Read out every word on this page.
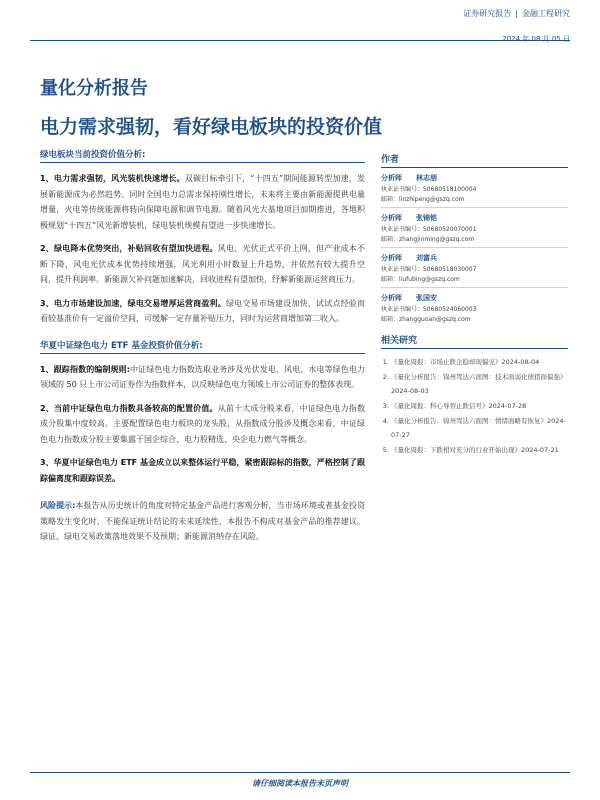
证券研究报告 | 金融工程研究
2024 年 08 月 05 日
量化分析报告
电力需求强韧，看好绿电板块的投资价值
绿电板块当前投资价值分析:
1、电力需求强韧，风光装机快速增长。双碳目标牵引下，“十四五”期间能源转型加速，发展新能源成为必然趋势。同时全国电力总需求保持刚性增长，未来将主要由新能源提供电量增量，火电等传统能源将转向保障电源和调节电源。随着风光大基地项目加期推进，各地积极规划“十四五”风光新增装机，绿电装机规模有望进一步快速增长。
2、绿电降本优势突出，补贴回收有望加快进程。风电、光伏正式平价上网，但产业成本不断下降，风电光伏成本优势持续增强，风光利用小时数显上升趋势，并依然有较大提升空间，提升利润率。新能源欠补问题加速解决，回收进程有望加快，纾解新能源运营商压力。
3、电力市场建设加速，绿电交易增厚运营商盈利。绿电交易市场建设加快，试试点经验而看较基准价有一定溢价空间，可缓解一定存量补贴压力，同时为运营商增加第二收入。
华夏中证绿色电力 ETF 基金投资价值分析:
1、跟踪指数的编制规则:中证绿色电力指数选取业务涉及光伏发电、风电、水电等绿色电力领域的 50 只上市公司证券作为指数样本，以反映绿色电力领域上市公司证券的整体表现。
2、当前中证绿色电力指数具备较高的配置价值。从前十大成分股来看，中证绿色电力指数成分股集中度较高。主要配置绿色电力板块的龙头股，从指数成分股涉及概念来看，中证绿色电力指数成分股主要集露于国企综合、电力股精选、央企电力燃气等概念。
3、华夏中证绿色电力 ETF 基金成立以来整体运行平稳，紧密跟踪标的指数，严格控制了跟踪偏离度和跟踪误差。
风险提示:本报告从历史统计的角度对特定基金产品进行客观分析，当市场环境或者基金投资策略发生变化时，不能保证统计结论的未来延续性，本报告不构成对基金产品的推荐建议。绿证、绿电交易政策落地效果不及预期；新能源消纳存在风险。
作者
分析师 林志朋
执业证书编号：S0680518100004
邮箱：linzhipeng@gszq.com
分析师 张锦铭
执业证书编号：S0680520070001
邮箱：zhangjinming@gszq.com
分析师 刘富兵
执业证书编号：S0680518030007
邮箱：liufubing@gszq.com
分析师 张国安
执业证书编号：S0680524060003
邮箱：zhangguoan@gszq.com
相关研究
1. 《量化周报：市场止跌企稳却现偏见》2024-08-04
2. 《量化分析报告：锦州驾达六面图：技术面弱化债猪面偏强》2024-08-03
3. 《量化周报：科心导替止跌信号》2024-07-28
4. 《量化分析报告：锦州驾达六面图：情绪面略有恢复》2024-07-27
5. 《量化周报：下跌相对充分的行业开始出现》2024-07-21
请仔细阅读本报告末页声明
